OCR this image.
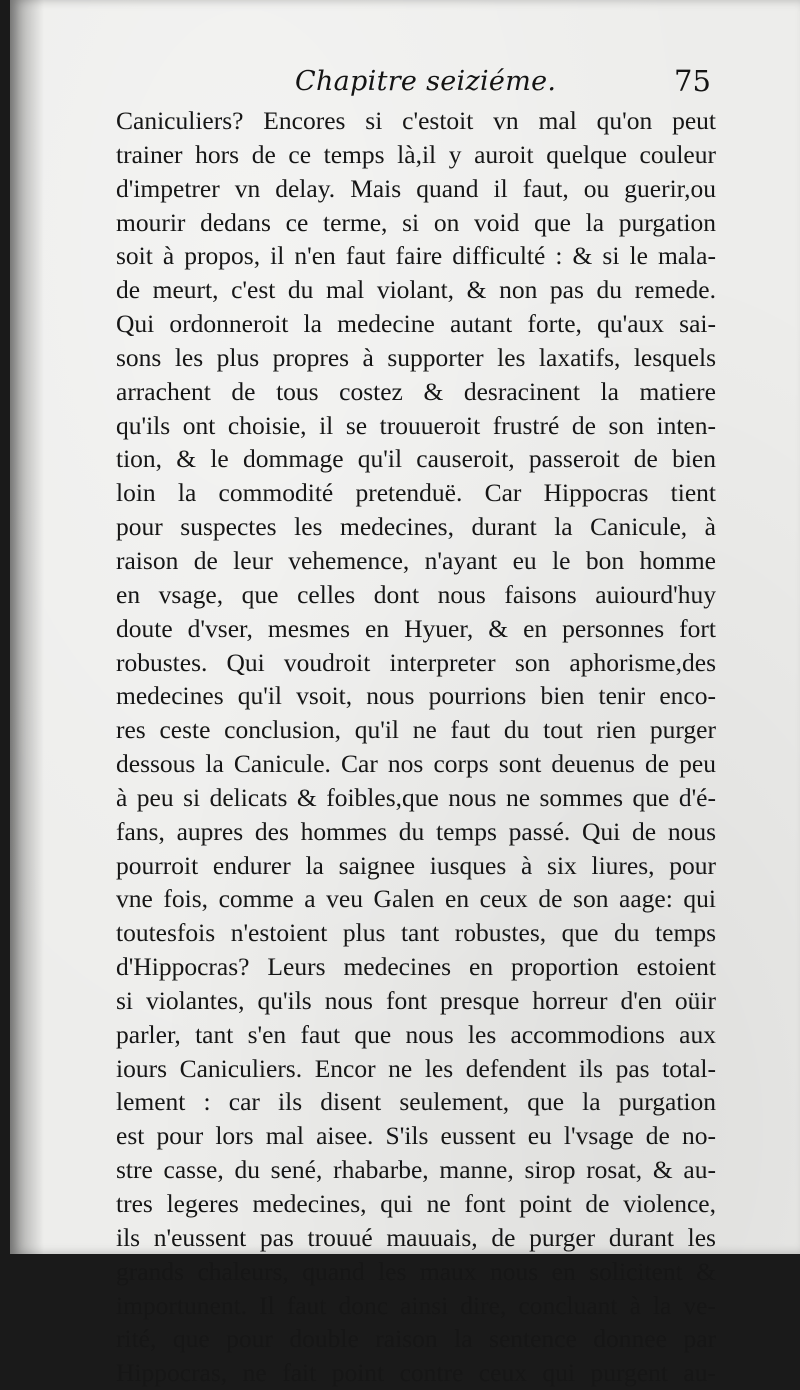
Chapitre seiziéme.	75
Caniculiers? Encores si c'estoit vn mal qu'on peut
trainer hors de ce temps là,il y auroit quelque couleur
d'impetrer vn delay. Mais quand il faut, ou guerir,ou
mourir dedans ce terme, si on void que la purgation
soit à propos, il n'en faut faire difficulté : & si le mala-
de meurt, c'est du mal violant, & non pas du remede.
Qui ordonneroit la medecine autant forte, qu'aux sai-
sons les plus propres à supporter les laxatifs, lesquels
arrachent de tous costez & desracinent la matiere
qu'ils ont choisie, il se trouueroit frustré de son inten-
tion, & le dommage qu'il causeroit, passeroit de bien
loin la commodité pretenduë. Car Hippocras tient
pour suspectes les medecines, durant la Canicule, à
raison de leur vehemence, n'ayant eu le bon homme
en vsage, que celles dont nous faisons auiourd'huy
doute d'vser, mesmes en Hyuer, & en personnes fort
robustes. Qui voudroit interpreter son aphorisme,des
medecines qu'il vsoit, nous pourrions bien tenir enco-
res ceste conclusion, qu'il ne faut du tout rien purger
dessous la Canicule. Car nos corps sont deuenus de peu
à peu si delicats & foibles,que nous ne sommes que d'é-
fans, aupres des hommes du temps passé. Qui de nous
pourroit endurer la saignee iusques à six liures, pour
vne fois, comme a veu Galen en ceux de son aage: qui
toutesfois n'estoient plus tant robustes, que du temps
d'Hippocras? Leurs medecines en proportion estoient
si violantes, qu'ils nous font presque horreur d'en oüir
parler, tant s'en faut que nous les accommodions aux
iours Caniculiers. Encor ne les defendent ils pas total-
lement : car ils disent seulement, que la purgation
est pour lors mal aisee. S'ils eussent eu l'vsage de no-
stre casse, du sené, rhabarbe, manne, sirop rosat, & au-
tres legeres medecines, qui ne font point de violence,
ils n'eussent pas trouué mauuais, de purger durant les
grands chaleurs, quand les maux nous en solicitent &
importunent. Il faut donc ainsi dire, concluant à la ve-
rité, que pour double raison la sentence donnee par
Hippocras, ne fait point contre ceux qui purgent au-
